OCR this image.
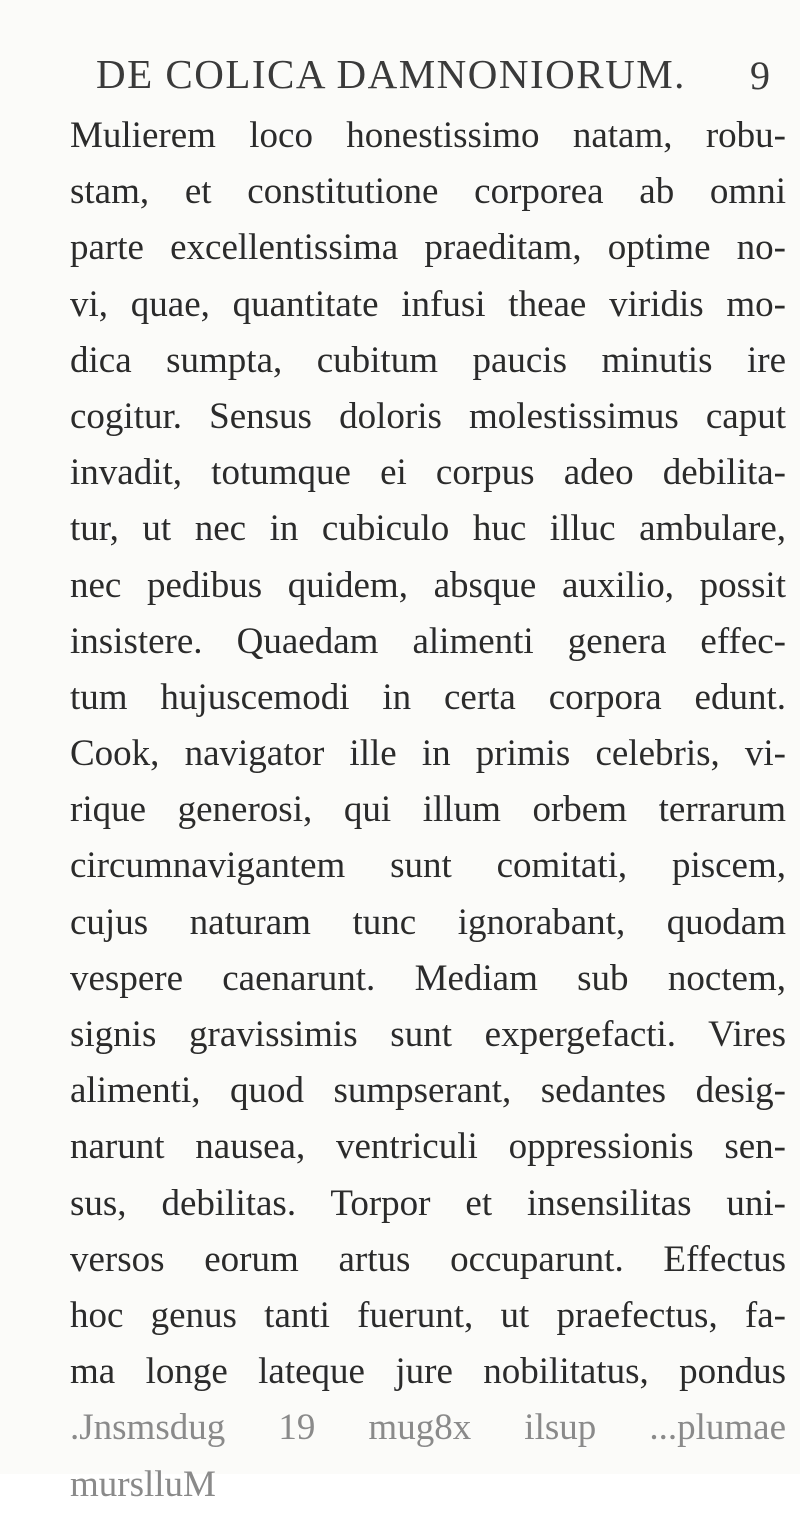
DE COLICA DAMNONIORUM. 9
Mulierem loco honestissimo natam, robu-
stam, et constitutione corporea ab omni
parte excellentissima praeditam, optime no-
vi, quae, quantitate infusi theae viridis mo-
dica sumpta, cubitum paucis minutis ire
cogitur. Sensus doloris molestissimus caput
invadit, totumque ei corpus adeo debilita-
tur, ut nec in cubiculo huc illuc ambulare,
nec pedibus quidem, absque auxilio, possit
insistere. Quaedam alimenti genera effec-
tum hujuscemodi in certa corpora edunt.
Cook, navigator ille in primis celebris, vi-
rique generosi, qui illum orbem terrarum
circumnavigantem sunt comitati, piscem,
cujus naturam tunc ignorabant, quodam
vespere caenarunt. Mediam sub noctem,
signis gravissimis sunt expergefacti. Vires
alimenti, quod sumpserant, sedantes desig-
narunt nausea, ventriculi oppressionis sen-
sus, debilitas. Torpor et insensilitas uni-
versos eorum artus occuparunt. Effectus
hoc genus tanti fuerunt, ut praefectus, fa-
ma longe lateque jure nobilitatus, pondus
.Jnsmsdug 19 mug8x ilsup ...plumae
murslluM
